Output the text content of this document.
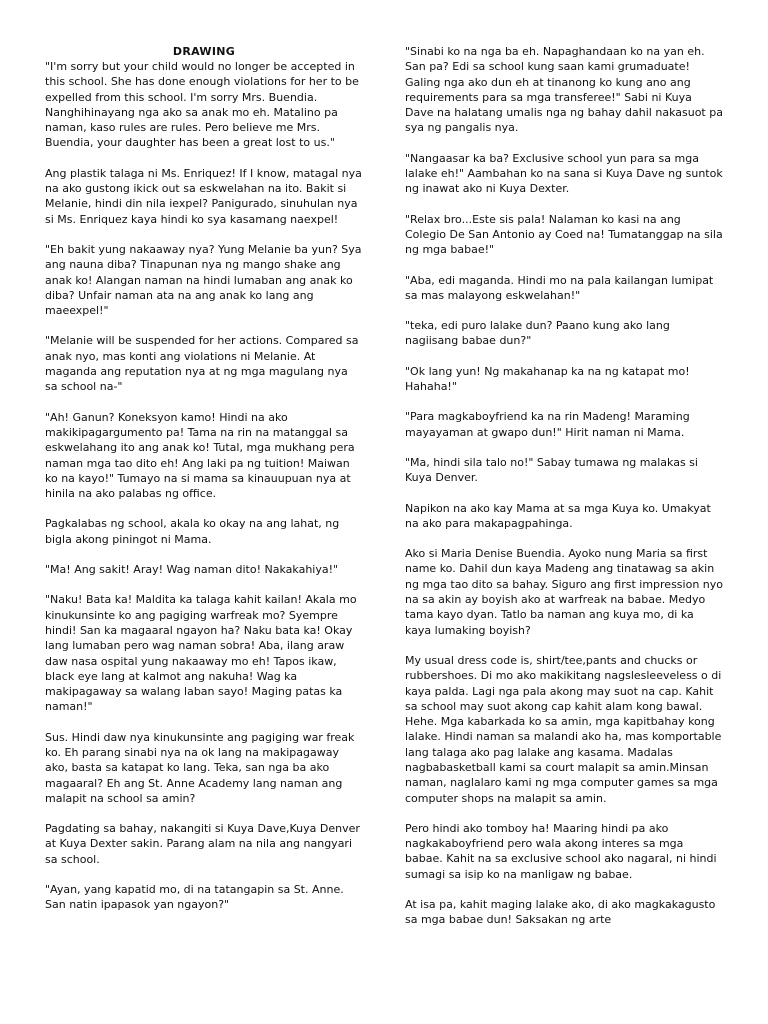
DRAWING

"I'm sorry but your child would no longer be accepted in this school. She has done enough violations for her to be expelled from this school. I'm sorry Mrs. Buendia. Nanghihinayang nga ako sa anak mo eh. Matalino pa naman, kaso rules are rules. Pero believe me Mrs. Buendia, your daughter has been a great lost to us."

Ang plastik talaga ni Ms. Enriquez! If I know, matagal nya na ako gustong ikick out sa eskwelahan na ito. Bakit si Melanie, hindi din nila iexpel? Panigurado, sinuhulan nya si Ms. Enriquez kaya hindi ko sya kasamang naexpel!

"Eh bakit yung nakaaway nya? Yung Melanie ba yun? Sya ang nauna diba? Tinapunan nya ng mango shake ang anak ko! Alangan naman na hindi lumaban ang anak ko diba? Unfair naman ata na ang anak ko lang ang maeexpel!"

"Melanie will be suspended for her actions. Compared sa anak nyo, mas konti ang violations ni Melanie. At maganda ang reputation nya at ng mga magulang nya sa school na-"

"Ah! Ganun? Koneksyon kamo! Hindi na ako makikipagargumento pa! Tama na rin na matanggal sa eskwelahang ito ang anak ko! Tutal, mga mukhang pera naman mga tao dito eh! Ang laki pa ng tuition! Maiwan ko na kayo!" Tumayo na si mama sa kinauupuan nya at hinila na ako palabas ng office.

Pagkalabas ng school, akala ko okay na ang lahat, ng bigla akong piningot ni Mama.

"Ma! Ang sakit! Aray! Wag naman dito! Nakakahiya!"

"Naku! Bata ka! Maldita ka talaga kahit kailan! Akala mo kinukunsinte ko ang pagiging warfreak mo? Syempre hindi! San ka magaaral ngayon ha? Naku bata ka! Okay lang lumaban pero wag naman sobra! Aba, ilang araw daw nasa ospital yung nakaaway mo eh! Tapos ikaw, black eye lang at kalmot ang nakuha! Wag ka makipagaway sa walang laban sayo! Maging patas ka naman!"

Sus. Hindi daw nya kinukunsinte ang pagiging war freak ko. Eh parang sinabi nya na ok lang na makipagaway ako, basta sa katapat ko lang. Teka, san nga ba ako magaaral? Eh ang St. Anne Academy lang naman ang malapit na school sa amin?

Pagdating sa bahay, nakangiti si Kuya Dave,Kuya Denver at Kuya Dexter sakin. Parang alam na nila ang nangyari sa school.

"Ayan, yang kapatid mo, di na tatangapin sa St. Anne. San natin ipapasok yan ngayon?"

"Sinabi ko na nga ba eh. Napaghandaan ko na yan eh. San pa? Edi sa school kung saan kami grumaduate! Galing nga ako dun eh at tinanong ko kung ano ang requirements para sa mga transferee!" Sabi ni Kuya Dave na halatang umalis nga ng bahay dahil nakasuot pa sya ng pangalis nya.

"Nangaasar ka ba? Exclusive school yun para sa mga lalake eh!" Aambahan ko na sana si Kuya Dave ng suntok ng inawat ako ni Kuya Dexter.

"Relax bro...Este sis pala! Nalaman ko kasi na ang Colegio De San Antonio ay Coed na! Tumatanggap na sila ng mga babae!"

"Aba, edi maganda. Hindi mo na pala kailangan lumipat sa mas malayong eskwelahan!"

"teka, edi puro lalake dun? Paano kung ako lang nagiisang babae dun?"

"Ok lang yun! Ng makahanap ka na ng katapat mo! Hahaha!"

"Para magkaboyfriend ka na rin Madeng! Maraming mayayaman at gwapo dun!" Hirit naman ni Mama.

"Ma, hindi sila talo no!" Sabay tumawa ng malakas si Kuya Denver.

Napikon na ako kay Mama at sa mga Kuya ko. Umakyat na ako para makapagpahinga.

Ako si Maria Denise Buendia. Ayoko nung Maria sa first name ko. Dahil dun kaya Madeng ang tinatawag sa akin ng mga tao dito sa bahay. Siguro ang first impression nyo na sa akin ay boyish ako at warfreak na babae. Medyo tama kayo dyan. Tatlo ba naman ang kuya mo, di ka kaya lumaking boyish?

My usual dress code is, shirt/tee,pants and chucks or rubbershoes. Di mo ako makikitang nagslesleeveless o di kaya palda. Lagi nga pala akong may suot na cap. Kahit sa school may suot akong cap kahit alam kong bawal. Hehe. Mga kabarkada ko sa amin, mga kapitbahay kong lalake. Hindi naman sa malandi ako ha, mas komportable lang talaga ako pag lalake ang kasama. Madalas nagbabasketball kami sa court malapit sa amin.Minsan naman, naglalaro kami ng mga computer games sa mga computer shops na malapit sa amin.

Pero hindi ako tomboy ha! Maaring hindi pa ako nagkakaboyfriend pero wala akong interes sa mga babae. Kahit na sa exclusive school ako nagaral, ni hindi sumagi sa isip ko na manligaw ng babae.

At isa pa, kahit maging lalake ako, di ako magkakagusto sa mga babae dun! Saksakan ng arte
